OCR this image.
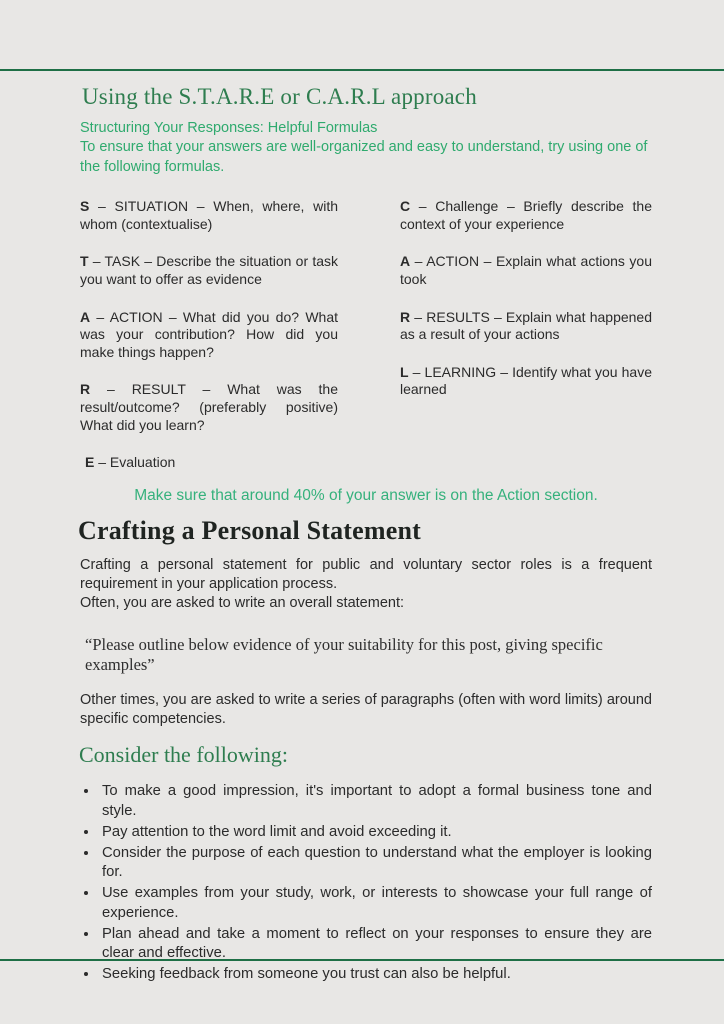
Using the S.T.A.R.E or C.A.R.L approach
Structuring Your Responses: Helpful Formulas
To ensure that your answers are well-organized and easy to understand, try using one of the following formulas.

S – SITUATION – When, where, with whom (contextualise)

T – TASK – Describe the situation or task you want to offer as evidence

A – ACTION – What did you do? What was your contribution? How did you make things happen?

R – RESULT – What was the result/outcome? (preferably positive) What did you learn?

E – Evaluation

C – Challenge – Briefly describe the context of your experience

A – ACTION – Explain what actions you took

R – RESULTS – Explain what happened as a result of your actions

L – LEARNING – Identify what you have learned

Make sure that around 40% of your answer is on the Action section.
Crafting a Personal Statement

Crafting a personal statement for public and voluntary sector roles is a frequent requirement in your application process.

Often, you are asked to write an overall statement:

“Please outline below evidence of your suitability for this post, giving specific examples”

Other times, you are asked to write a series of paragraphs (often with word limits) around specific competencies.

Consider the following:
• To make a good impression, it's important to adopt a formal business tone and style.
• Pay attention to the word limit and avoid exceeding it.
• Consider the purpose of each question to understand what the employer is looking for.
• Use examples from your study, work, or interests to showcase your full range of experience.
• Plan ahead and take a moment to reflect on your responses to ensure they are clear and effective.
• Seeking feedback from someone you trust can also be helpful.
